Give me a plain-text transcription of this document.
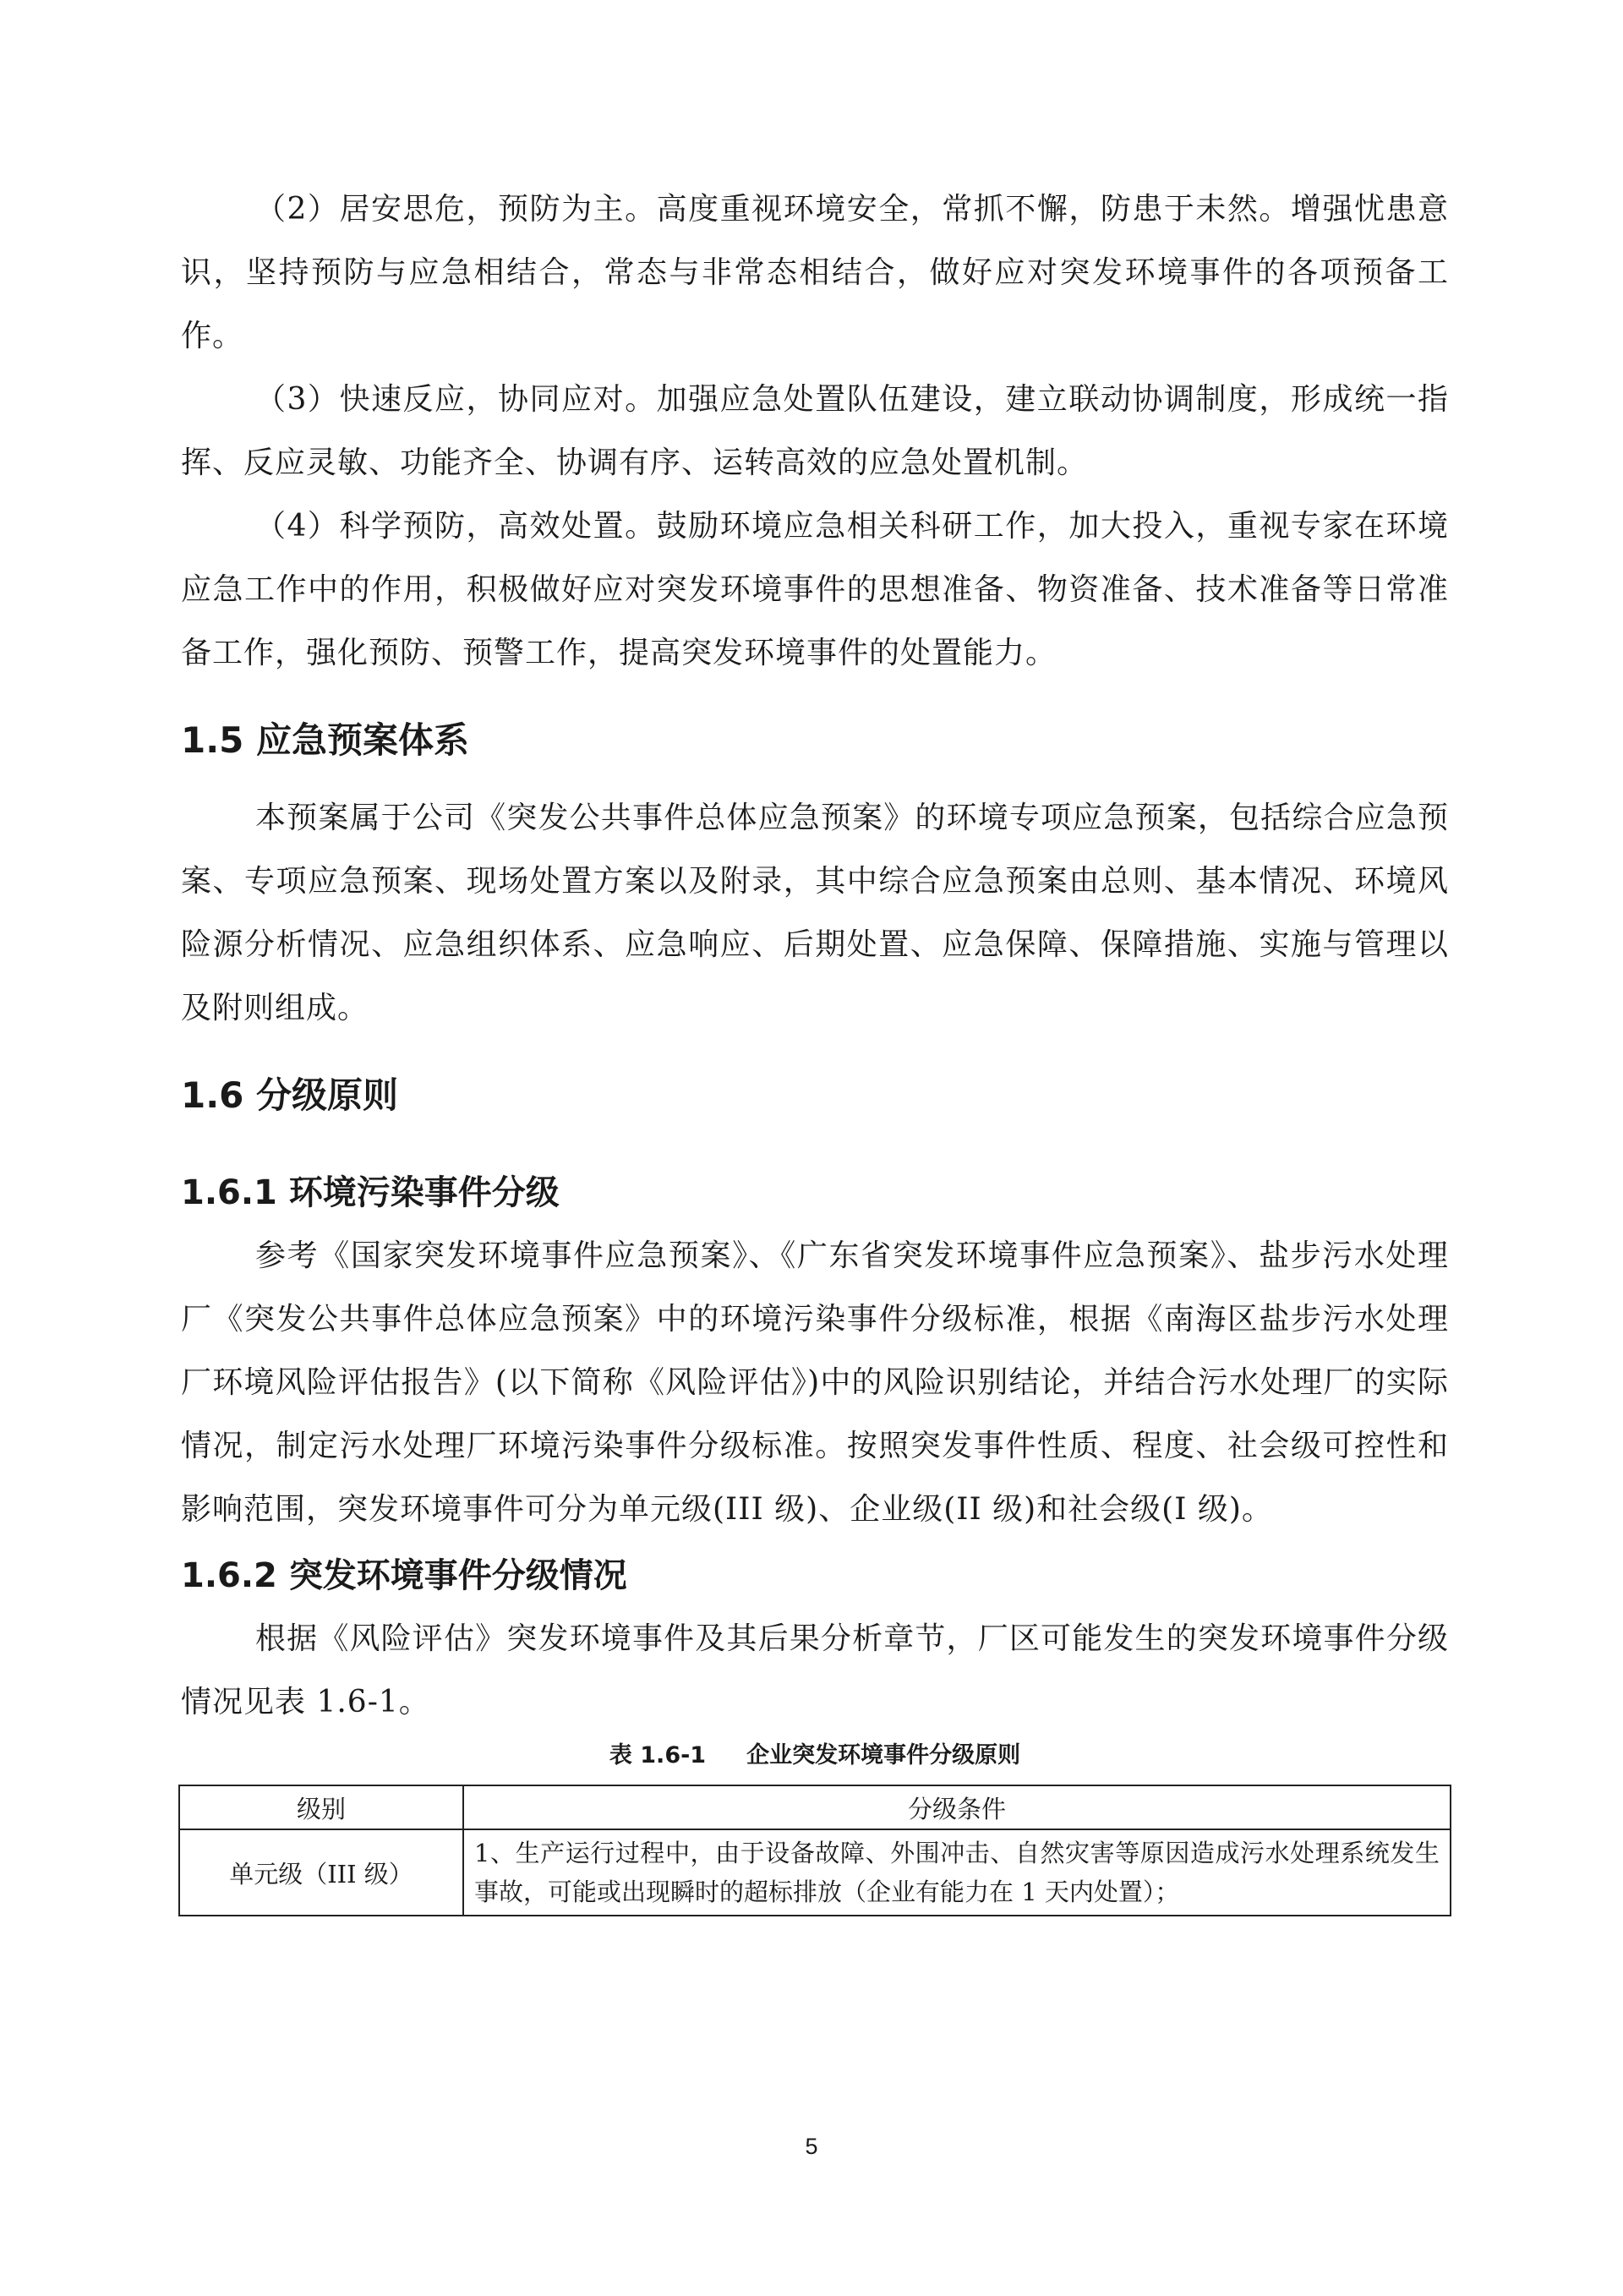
（2）居安思危，预防为主。高度重视环境安全，常抓不懈，防患于未然。增强忧患意识，坚持预防与应急相结合，常态与非常态相结合，做好应对突发环境事件的各项预备工作。

（3）快速反应，协同应对。加强应急处置队伍建设，建立联动协调制度，形成统一指挥、反应灵敏、功能齐全、协调有序、运转高效的应急处置机制。

（4）科学预防，高效处置。鼓励环境应急相关科研工作，加大投入，重视专家在环境应急工作中的作用，积极做好应对突发环境事件的思想准备、物资准备、技术准备等日常准备工作，强化预防、预警工作，提高突发环境事件的处置能力。

1.5 应急预案体系

本预案属于公司《突发公共事件总体应急预案》的环境专项应急预案，包括综合应急预案、专项应急预案、现场处置方案以及附录，其中综合应急预案由总则、基本情况、环境风险源分析情况、应急组织体系、应急响应、后期处置、应急保障、保障措施、实施与管理以及附则组成。

1.6 分级原则
1.6.1 环境污染事件分级

参考《国家突发环境事件应急预案》、《广东省突发环境事件应急预案》、盐步污水处理厂《突发公共事件总体应急预案》中的环境污染事件分级标准，根据《南海区盐步污水处理厂环境风险评估报告》(以下简称《风险评估》)中的风险识别结论，并结合污水处理厂的实际情况，制定污水处理厂环境污染事件分级标准。按照突发事件性质、程度、社会级可控性和影响范围，突发环境事件可分为单元级(III 级)、企业级(II 级)和社会级(I 级)。

1.6.2 突发环境事件分级情况

根据《风险评估》突发环境事件及其后果分析章节，厂区可能发生的突发环境事件分级情况见表 1.6-1。

表 1.6-1 企业突发环境事件分级原则

级别	分级条件
单元级（III 级）	1、生产运行过程中，由于设备故障、外围冲击、自然灾害等原因造成污水处理系统发生事故，可能或出现瞬时的超标排放（企业有能力在 1 天内处置）；
5
